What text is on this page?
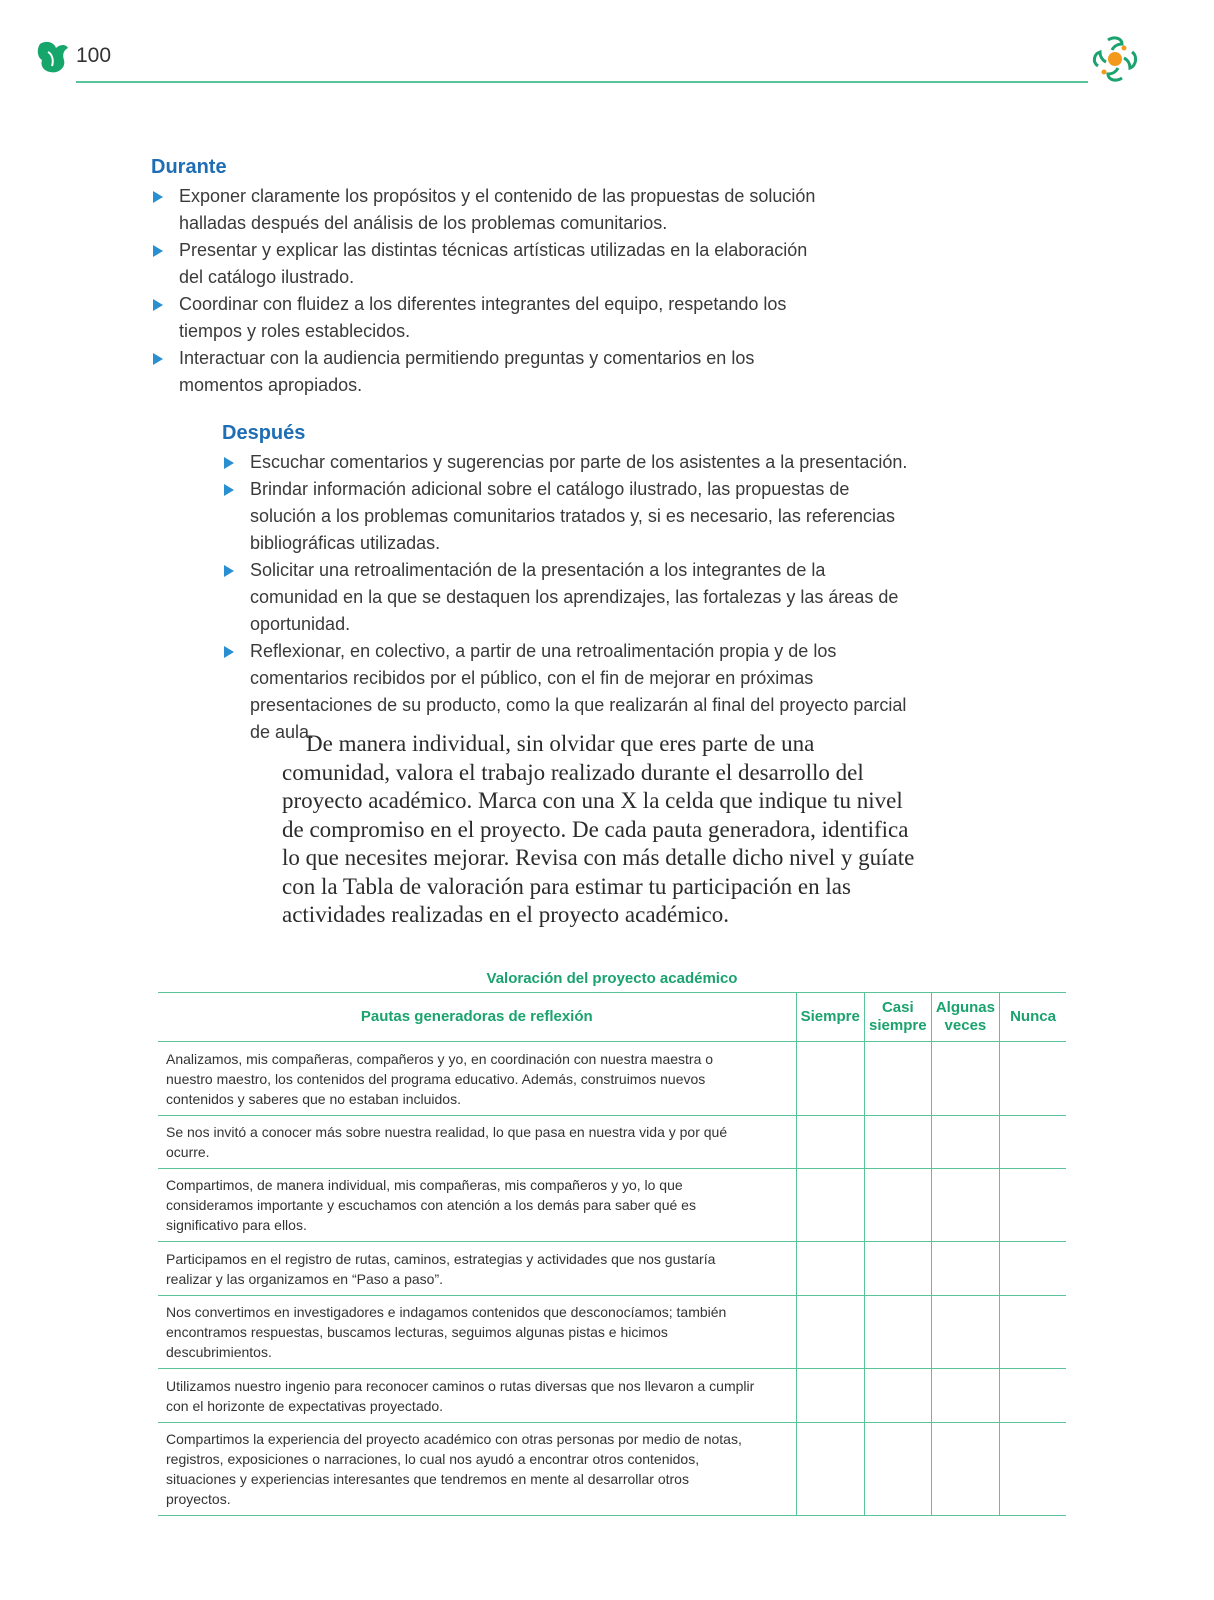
100
Durante
Exponer claramente los propósitos y el contenido de las propuestas de solución halladas después del análisis de los problemas comunitarios.
Presentar y explicar las distintas técnicas artísticas utilizadas en la elaboración del catálogo ilustrado.
Coordinar con fluidez a los diferentes integrantes del equipo, respetando los tiempos y roles establecidos.
Interactuar con la audiencia permitiendo preguntas y comentarios en los momentos apropiados.
Después
Escuchar comentarios y sugerencias por parte de los asistentes a la presentación.
Brindar información adicional sobre el catálogo ilustrado, las propuestas de solución a los problemas comunitarios tratados y, si es necesario, las referencias bibliográficas utilizadas.
Solicitar una retroalimentación de la presentación a los integrantes de la comunidad en la que se destaquen los aprendizajes, las fortalezas y las áreas de oportunidad.
Reflexionar, en colectivo, a partir de una retroalimentación propia y de los comentarios recibidos por el público, con el fin de mejorar en próximas presentaciones de su producto, como la que realizarán al final del proyecto parcial de aula.
De manera individual, sin olvidar que eres parte de una comunidad, valora el trabajo realizado durante el desarrollo del proyecto académico. Marca con una X la celda que indique tu nivel de compromiso en el proyecto. De cada pauta generadora, identifica lo que necesites mejorar. Revisa con más detalle dicho nivel y guíate con la Tabla de valoración para estimar tu participación en las actividades realizadas en el proyecto académico.
Valoración del proyecto académico
Pautas generadoras de reflexión	Siempre	Casi siempre	Algunas veces	Nunca
Analizamos, mis compañeras, compañeros y yo, en coordinación con nuestra maestra o nuestro maestro, los contenidos del programa educativo. Además, construimos nuevos contenidos y saberes que no estaban incluidos.				
Se nos invitó a conocer más sobre nuestra realidad, lo que pasa en nuestra vida y por qué ocurre.				
Compartimos, de manera individual, mis compañeras, mis compañeros y yo, lo que consideramos importante y escuchamos con atención a los demás para saber qué es significativo para ellos.				
Participamos en el registro de rutas, caminos, estrategias y actividades que nos gustaría realizar y las organizamos en “Paso a paso”.				
Nos convertimos en investigadores e indagamos contenidos que desconocíamos; también encontramos respuestas, buscamos lecturas, seguimos algunas pistas e hicimos descubrimientos.				
Utilizamos nuestro ingenio para reconocer caminos o rutas diversas que nos llevaron a cumplir con el horizonte de expectativas proyectado.				
Compartimos la experiencia del proyecto académico con otras personas por medio de notas, registros, exposiciones o narraciones, lo cual nos ayudó a encontrar otros contenidos, situaciones y experiencias interesantes que tendremos en mente al desarrollar otros proyectos.				
